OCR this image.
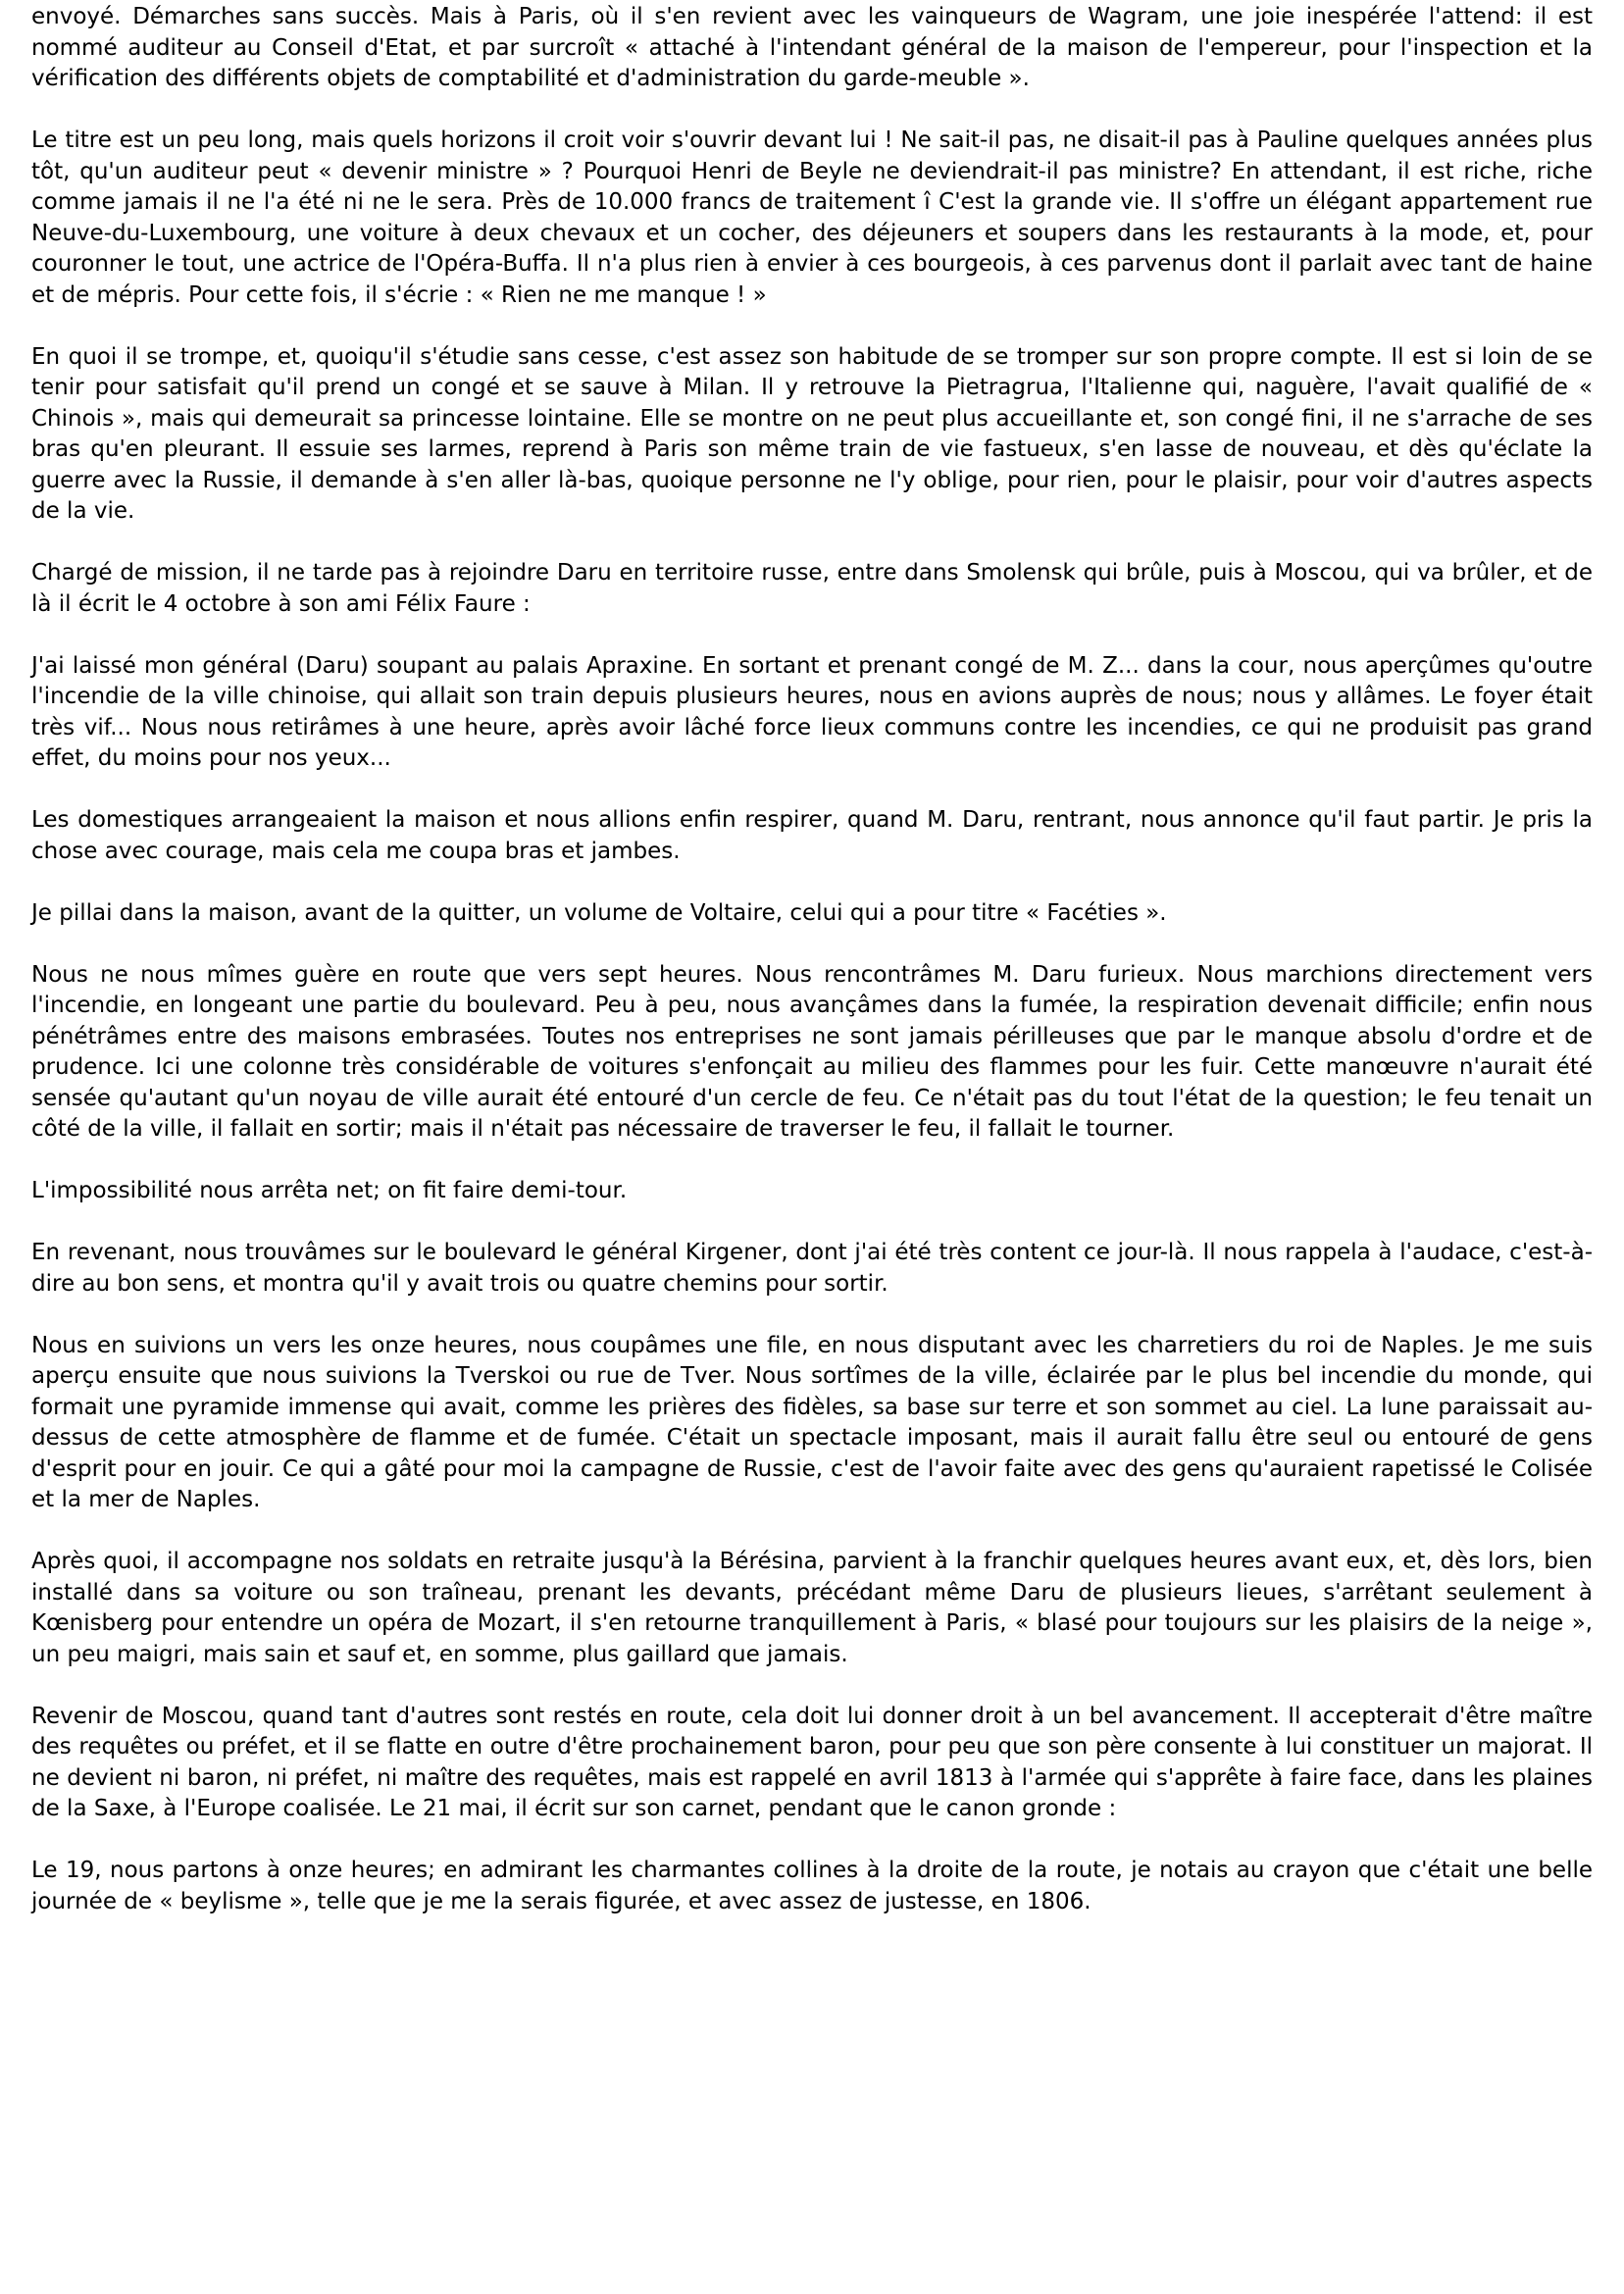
envoyé. Démarches sans succès. Mais à Paris, où il s'en revient avec les vainqueurs de Wagram, une joie inespérée l'attend: il est nommé auditeur au Conseil d'Etat, et par surcroît « attaché à l'intendant général de la maison de l'empereur, pour l'inspection et la vérification des différents objets de comptabilité et d'administration du garde-meuble ».

Le titre est un peu long, mais quels horizons il croit voir s'ouvrir devant lui ! Ne sait-il pas, ne disait-il pas à Pauline quelques années plus tôt, qu'un auditeur peut « devenir ministre » ? Pourquoi Henri de Beyle ne deviendrait-il pas ministre? En attendant, il est riche, riche comme jamais il ne l'a été ni ne le sera. Près de 10.000 francs de traitement î C'est la grande vie. Il s'offre un élégant appartement rue Neuve-du-Luxembourg, une voiture à deux chevaux et un cocher, des déjeuners et soupers dans les restaurants à la mode, et, pour couronner le tout, une actrice de l'Opéra-Buffa. Il n'a plus rien à envier à ces bourgeois, à ces parvenus dont il parlait avec tant de haine et de mépris. Pour cette fois, il s'écrie : « Rien ne me manque ! »

En quoi il se trompe, et, quoiqu'il s'étudie sans cesse, c'est assez son habitude de se tromper sur son propre compte. Il est si loin de se tenir pour satisfait qu'il prend un congé et se sauve à Milan. Il y retrouve la Pietragrua, l'Italienne qui, naguère, l'avait qualifié de « Chinois », mais qui demeurait sa princesse lointaine. Elle se montre on ne peut plus accueillante et, son congé fini, il ne s'arrache de ses bras qu'en pleurant. Il essuie ses larmes, reprend à Paris son même train de vie fastueux, s'en lasse de nouveau, et dès qu'éclate la guerre avec la Russie, il demande à s'en aller là-bas, quoique personne ne l'y oblige, pour rien, pour le plaisir, pour voir d'autres aspects de la vie.

Chargé de mission, il ne tarde pas à rejoindre Daru en territoire russe, entre dans Smolensk qui brûle, puis à Moscou, qui va brûler, et de là il écrit le 4 octobre à son ami Félix Faure :

J'ai laissé mon général (Daru) soupant au palais Apraxine. En sortant et prenant congé de M. Z... dans la cour, nous aperçûmes qu'outre l'incendie de la ville chinoise, qui allait son train depuis plusieurs heures, nous en avions auprès de nous; nous y allâmes. Le foyer était très vif... Nous nous retirâmes à une heure, après avoir lâché force lieux communs contre les incendies, ce qui ne produisit pas grand effet, du moins pour nos yeux...

Les domestiques arrangeaient la maison et nous allions enfin respirer, quand M. Daru, rentrant, nous annonce qu'il faut partir. Je pris la chose avec courage, mais cela me coupa bras et jambes.

Je pillai dans la maison, avant de la quitter, un volume de Voltaire, celui qui a pour titre « Facéties ».

Nous ne nous mîmes guère en route que vers sept heures. Nous rencontrâmes M. Daru furieux. Nous marchions directement vers l'incendie, en longeant une partie du boulevard. Peu à peu, nous avançâmes dans la fumée, la respiration devenait difficile; enfin nous pénétrâmes entre des maisons embrasées. Toutes nos entreprises ne sont jamais périlleuses que par le manque absolu d'ordre et de prudence. Ici une colonne très considérable de voitures s'enfonçait au milieu des flammes pour les fuir. Cette manœuvre n'aurait été sensée qu'autant qu'un noyau de ville aurait été entouré d'un cercle de feu. Ce n'était pas du tout l'état de la question; le feu tenait un côté de la ville, il fallait en sortir; mais il n'était pas nécessaire de traverser le feu, il fallait le tourner.

L'impossibilité nous arrêta net; on fit faire demi-tour.

En revenant, nous trouvâmes sur le boulevard le général Kirgener, dont j'ai été très content ce jour-là. Il nous rappela à l'audace, c'est-à-dire au bon sens, et montra qu'il y avait trois ou quatre chemins pour sortir.

Nous en suivions un vers les onze heures, nous coupâmes une file, en nous disputant avec les charretiers du roi de Naples. Je me suis aperçu ensuite que nous suivions la Tverskoi ou rue de Tver. Nous sortîmes de la ville, éclairée par le plus bel incendie du monde, qui formait une pyramide immense qui avait, comme les prières des fidèles, sa base sur terre et son sommet au ciel. La lune paraissait au-dessus de cette atmosphère de flamme et de fumée. C'était un spectacle imposant, mais il aurait fallu être seul ou entouré de gens d'esprit pour en jouir. Ce qui a gâté pour moi la campagne de Russie, c'est de l'avoir faite avec des gens qu'auraient rapetissé le Colisée et la mer de Naples.

Après quoi, il accompagne nos soldats en retraite jusqu'à la Bérésina, parvient à la franchir quelques heures avant eux, et, dès lors, bien installé dans sa voiture ou son traîneau, prenant les devants, précédant même Daru de plusieurs lieues, s'arrêtant seulement à Kœnisberg pour entendre un opéra de Mozart, il s'en retourne tranquillement à Paris, « blasé pour toujours sur les plaisirs de la neige », un peu maigri, mais sain et sauf et, en somme, plus gaillard que jamais.

Revenir de Moscou, quand tant d'autres sont restés en route, cela doit lui donner droit à un bel avancement. Il accepterait d'être maître des requêtes ou préfet, et il se flatte en outre d'être prochainement baron, pour peu que son père consente à lui constituer un majorat. Il ne devient ni baron, ni préfet, ni maître des requêtes, mais est rappelé en avril 1813 à l'armée qui s'apprête à faire face, dans les plaines de la Saxe, à l'Europe coalisée. Le 21 mai, il écrit sur son carnet, pendant que le canon gronde :

Le 19, nous partons à onze heures; en admirant les charmantes collines à la droite de la route, je notais au crayon que c'était une belle journée de « beylisme », telle que je me la serais figurée, et avec assez de justesse, en 1806.
